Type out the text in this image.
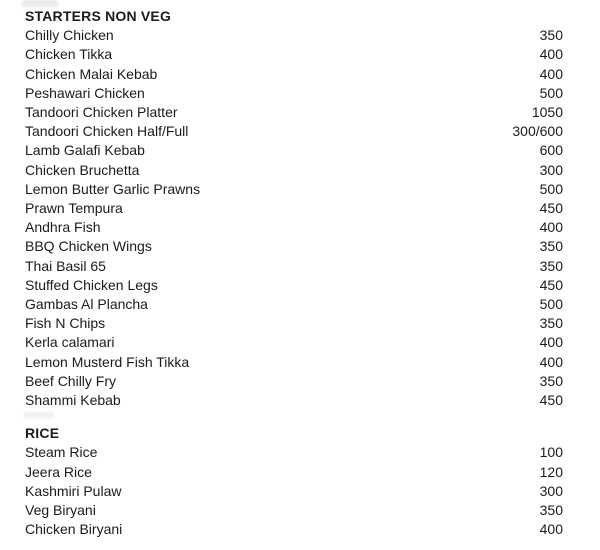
STARTERS NON VEG
Chilly Chicken	350
Chicken Tikka	400
Chicken Malai Kebab	400
Peshawari Chicken	500
Tandoori Chicken Platter	1050
Tandoori Chicken Half/Full	300/600
Lamb Galafi Kebab	600
Chicken Bruchetta	300
Lemon Butter Garlic Prawns	500
Prawn Tempura	450
Andhra Fish	400
BBQ Chicken Wings	350
Thai Basil 65	350
Stuffed Chicken Legs	450
Gambas Al Plancha	500
Fish N Chips	350
Kerla calamari	400
Lemon Musterd Fish Tikka	400
Beef Chilly Fry	350
Shammi Kebab	450
RICE
Steam Rice	100
Jeera Rice	120
Kashmiri Pulaw	300
Veg Biryani	350
Chicken Biryani	400
